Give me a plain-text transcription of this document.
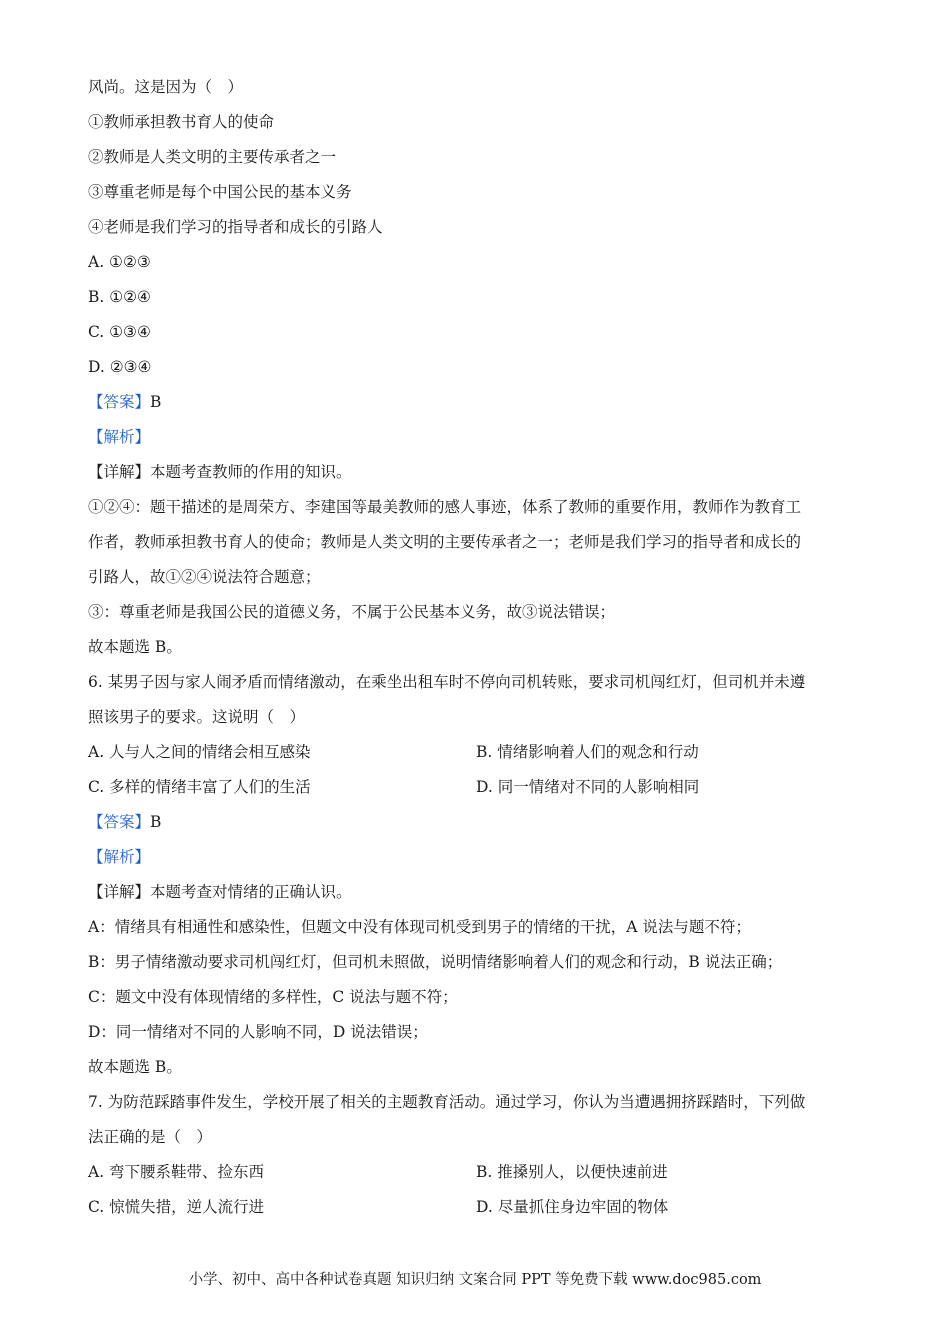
风尚。这是因为（　）
①教师承担教书育人的使命
②教师是人类文明的主要传承者之一
③尊重老师是每个中国公民的基本义务
④老师是我们学习的指导者和成长的引路人
A. ①②③
B. ①②④
C. ①③④
D. ②③④
【答案】B
【解析】
【详解】本题考查教师的作用的知识。
①②④：题干描述的是周荣方、李建国等最美教师的感人事迹，体系了教师的重要作用，教师作为教育工
作者，教师承担教书育人的使命；教师是人类文明的主要传承者之一；老师是我们学习的指导者和成长的
引路人，故①②④说法符合题意；
③：尊重老师是我国公民的道德义务，不属于公民基本义务，故③说法错误；
故本题选 B。
6. 某男子因与家人闹矛盾而情绪激动，在乘坐出租车时不停向司机转账，要求司机闯红灯，但司机并未遵
照该男子的要求。这说明（　）
A. 人与人之间的情绪会相互感染	B. 情绪影响着人们的观念和行动
C. 多样的情绪丰富了人们的生活	D. 同一情绪对不同的人影响相同
【答案】B
【解析】
【详解】本题考查对情绪的正确认识。
A：情绪具有相通性和感染性，但题文中没有体现司机受到男子的情绪的干扰，A 说法与题不符；
B：男子情绪激动要求司机闯红灯，但司机未照做，说明情绪影响着人们的观念和行动，B 说法正确；
C：题文中没有体现情绪的多样性，C 说法与题不符；
D：同一情绪对不同的人影响不同，D 说法错误；
故本题选 B。
7. 为防范踩踏事件发生，学校开展了相关的主题教育活动。通过学习，你认为当遭遇拥挤踩踏时，下列做
法正确的是（　）
A. 弯下腰系鞋带、捡东西	B. 推搡别人，以便快速前进
C. 惊慌失措，逆人流行进	D. 尽量抓住身边牢固的物体
小学、初中、高中各种试卷真题 知识归纳 文案合同 PPT 等免费下载 www.doc985.com
